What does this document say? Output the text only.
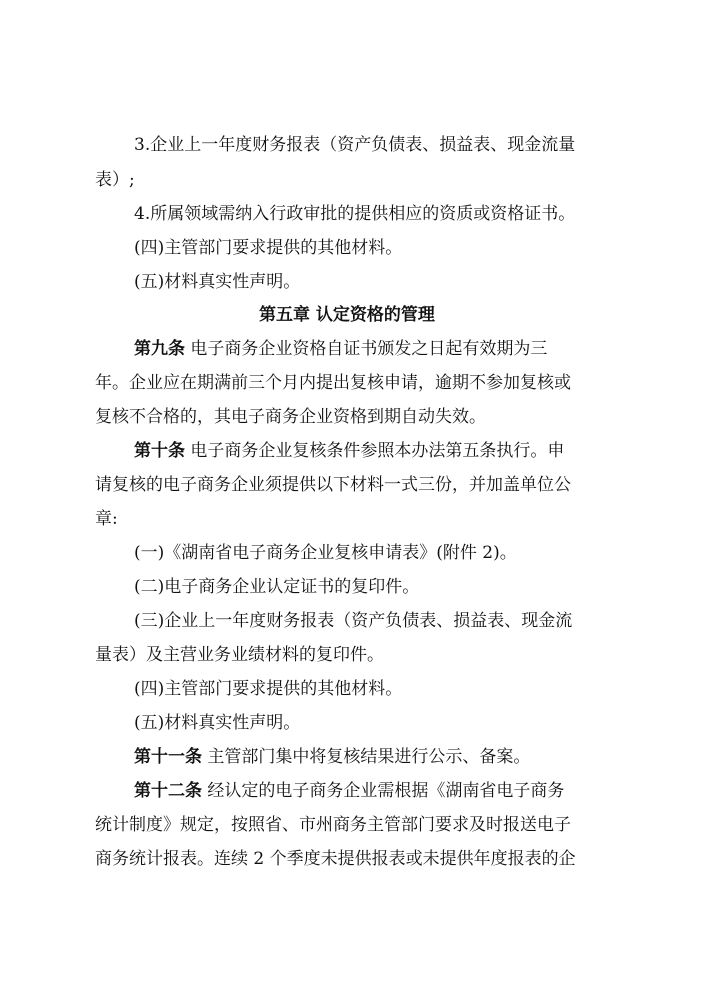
3.企业上一年度财务报表（资产负债表、损益表、现金流量
表）;
4.所属领域需纳入行政审批的提供相应的资质或资格证书。
(四)主管部门要求提供的其他材料。
(五)材料真实性声明。
第五章 认定资格的管理
第九条 电子商务企业资格自证书颁发之日起有效期为三
年。企业应在期满前三个月内提出复核申请，逾期不参加复核或
复核不合格的，其电子商务企业资格到期自动失效。
第十条 电子商务企业复核条件参照本办法第五条执行。申
请复核的电子商务企业须提供以下材料一式三份，并加盖单位公
章:
(一)《湖南省电子商务企业复核申请表》(附件 2)。
(二)电子商务企业认定证书的复印件。
(三)企业上一年度财务报表（资产负债表、损益表、现金流
量表）及主营业务业绩材料的复印件。
(四)主管部门要求提供的其他材料。
(五)材料真实性声明。
第十一条 主管部门集中将复核结果进行公示、备案。
第十二条 经认定的电子商务企业需根据《湖南省电子商务
统计制度》规定，按照省、市州商务主管部门要求及时报送电子
商务统计报表。连续 2 个季度未提供报表或未提供年度报表的企
